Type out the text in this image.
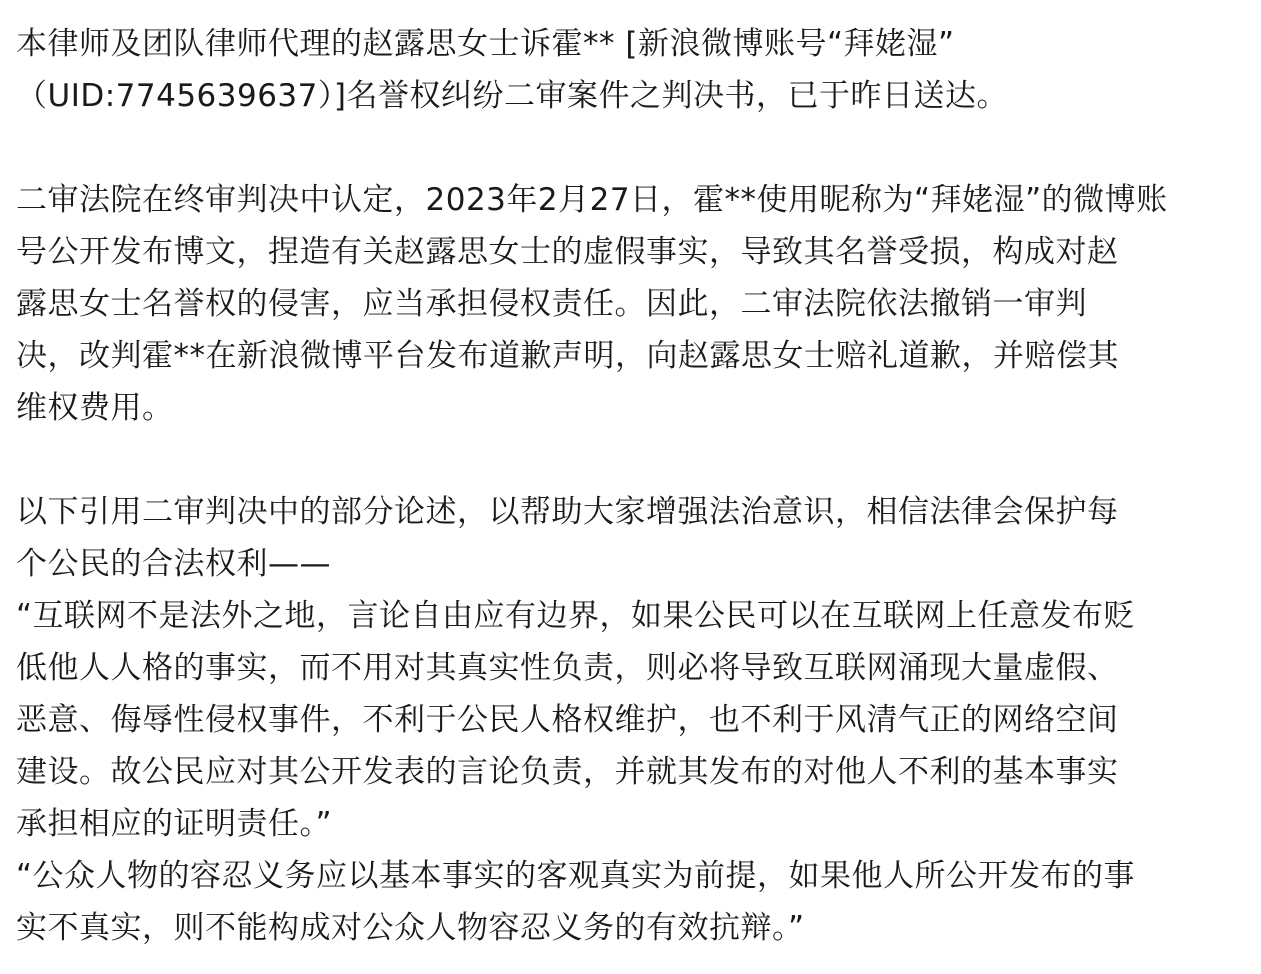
本律师及团队律师代理的赵露思女士诉霍** [新浪微博账号“拜姥湿”
（UID:7745639637）]名誉权纠纷二审案件之判决书，已于昨日送达。

二审法院在终审判决中认定，2023年2月27日，霍**使用昵称为“拜姥湿”的微博账
号公开发布博文，捏造有关赵露思女士的虚假事实，导致其名誉受损，构成对赵
露思女士名誉权的侵害，应当承担侵权责任。因此，二审法院依法撤销一审判
决，改判霍**在新浪微博平台发布道歉声明，向赵露思女士赔礼道歉，并赔偿其
维权费用。

以下引用二审判决中的部分论述，以帮助大家增强法治意识，相信法律会保护每
个公民的合法权利——
“互联网不是法外之地，言论自由应有边界，如果公民可以在互联网上任意发布贬
低他人人格的事实，而不用对其真实性负责，则必将导致互联网涌现大量虚假、
恶意、侮辱性侵权事件，不利于公民人格权维护，也不利于风清气正的网络空间
建设。故公民应对其公开发表的言论负责，并就其发布的对他人不利的基本事实
承担相应的证明责任。”
“公众人物的容忍义务应以基本事实的客观真实为前提，如果他人所公开发布的事
实不真实，则不能构成对公众人物容忍义务的有效抗辩。”
